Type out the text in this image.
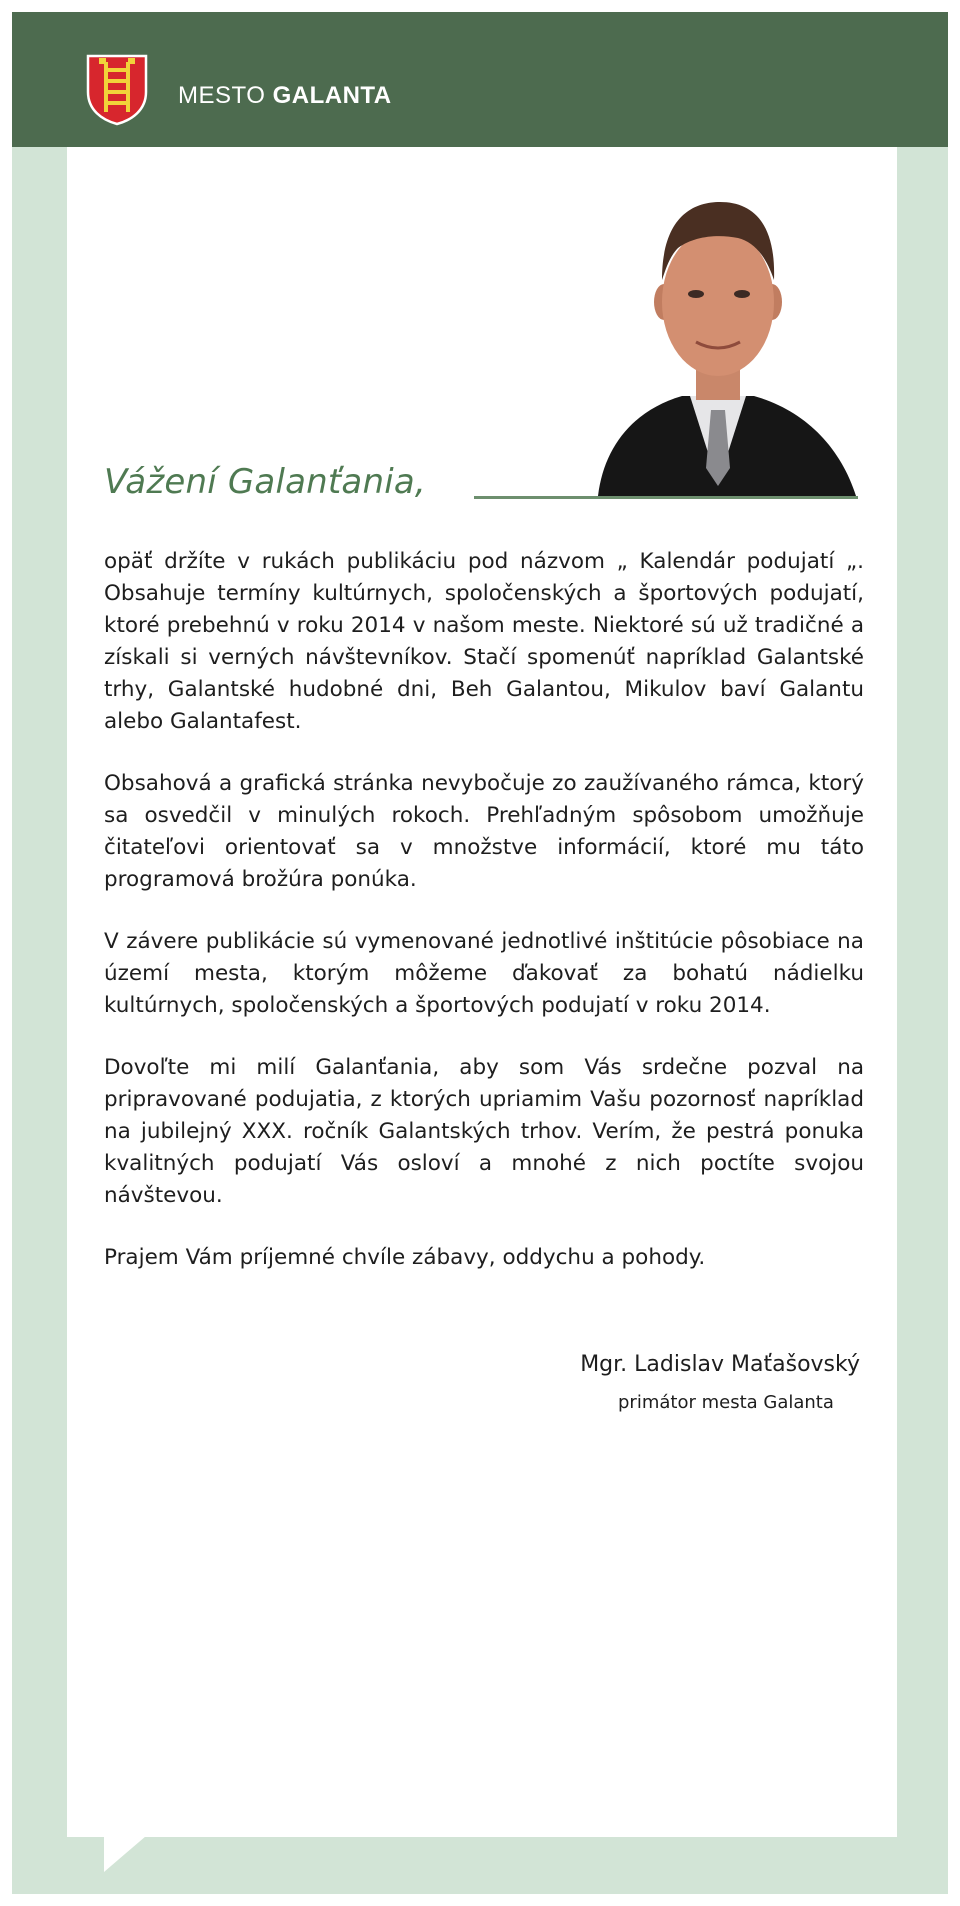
MESTO GALANTA
Vážení Galanťania,

opäť držíte v rukách publikáciu pod názvom „ Kalendár podujatí „. Obsahuje termíny kultúrnych, spoločenských a športových podujatí, ktoré prebehnú v roku 2014 v našom meste. Niektoré sú už tradičné a získali si verných návštevníkov. Stačí spomenúť napríklad Galantské trhy, Galantské hudobné dni, Beh Galantou, Mikulov baví Galantu alebo Galantafest.

Obsahová a grafická stránka nevybočuje zo zaužívaného rámca, ktorý sa osvedčil v minulých rokoch. Prehľadným spôsobom umožňuje čitateľovi orientovať sa v množstve informácií, ktoré mu táto programová brožúra ponúka.

V závere publikácie sú vymenované jednotlivé inštitúcie pôsobiace na území mesta, ktorým môžeme ďakovať za bohatú nádielku kultúrnych, spoločenských a športových podujatí v roku 2014.

Dovoľte mi milí Galanťania, aby som Vás srdečne pozval na pripravované podujatia, z ktorých upriamim Vašu pozornosť napríklad na jubilejný XXX. ročník Galantských trhov. Verím, že pestrá ponuka kvalitných podujatí Vás osloví a mnohé z nich poctíte svojou návštevou.

Prajem Vám príjemné chvíle zábavy, oddychu a pohody.

Mgr. Ladislav Maťašovský
primátor mesta Galanta
